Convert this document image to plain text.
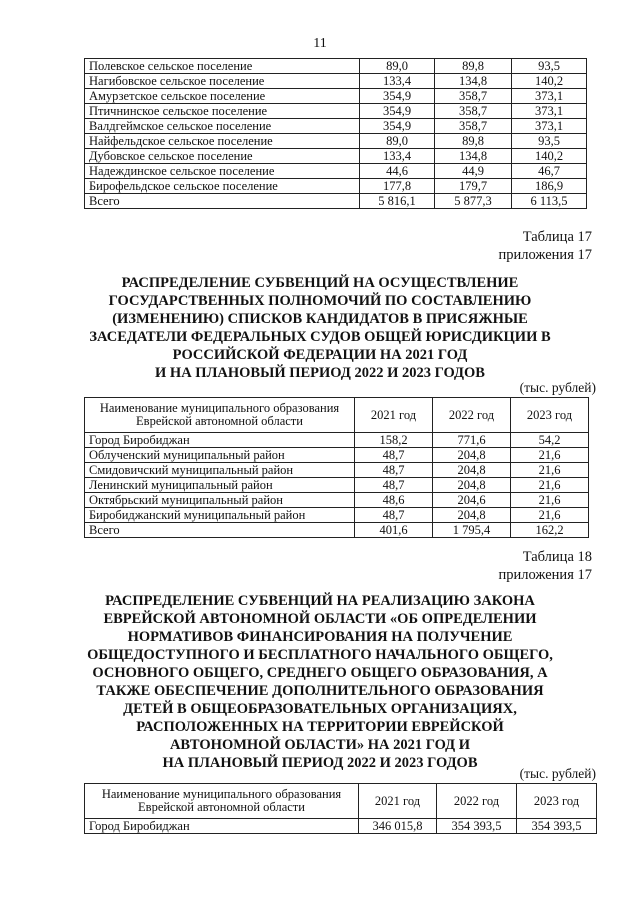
11
Полевское сельское поселение	89,0	89,8	93,5
Нагибовское сельское поселение	133,4	134,8	140,2
Амурзетское сельское поселение	354,9	358,7	373,1
Птичнинское сельское поселение	354,9	358,7	373,1
Валдгеймское сельское поселение	354,9	358,7	373,1
Найфельдское сельское поселение	89,0	89,8	93,5
Дубовское сельское поселение	133,4	134,8	140,2
Надеждинское сельское поселение	44,6	44,9	46,7
Бирофельдское сельское поселение	177,8	179,7	186,9
Всего	5 816,1	5 877,3	6 113,5
Таблица 17
приложения 17
РАСПРЕДЕЛЕНИЕ СУБВЕНЦИЙ НА ОСУЩЕСТВЛЕНИЕ
ГОСУДАРСТВЕННЫХ ПОЛНОМОЧИЙ ПО СОСТАВЛЕНИЮ
(ИЗМЕНЕНИЮ) СПИСКОВ КАНДИДАТОВ В ПРИСЯЖНЫЕ
ЗАСЕДАТЕЛИ ФЕДЕРАЛЬНЫХ СУДОВ ОБЩЕЙ ЮРИСДИКЦИИ В
РОССИЙСКОЙ ФЕДЕРАЦИИ НА 2021 ГОД
И НА ПЛАНОВЫЙ ПЕРИОД 2022 И 2023 ГОДОВ
(тыс. рублей)
Наименование муниципального образования Еврейской автономной области	2021 год	2022 год	2023 год
Город Биробиджан	158,2	771,6	54,2
Облученский муниципальный район	48,7	204,8	21,6
Смидовичский муниципальный район	48,7	204,8	21,6
Ленинский муниципальный район	48,7	204,8	21,6
Октябрьский муниципальный район	48,6	204,6	21,6
Биробиджанский муниципальный район	48,7	204,8	21,6
Всего	401,6	1 795,4	162,2
Таблица 18
приложения 17
РАСПРЕДЕЛЕНИЕ СУБВЕНЦИЙ НА РЕАЛИЗАЦИЮ ЗАКОНА
ЕВРЕЙСКОЙ АВТОНОМНОЙ ОБЛАСТИ «ОБ ОПРЕДЕЛЕНИИ
НОРМАТИВОВ ФИНАНСИРОВАНИЯ НА ПОЛУЧЕНИЕ
ОБЩЕДОСТУПНОГО И БЕСПЛАТНОГО НАЧАЛЬНОГО ОБЩЕГО,
ОСНОВНОГО ОБЩЕГО, СРЕДНЕГО ОБЩЕГО ОБРАЗОВАНИЯ, А
ТАКЖЕ ОБЕСПЕЧЕНИЕ ДОПОЛНИТЕЛЬНОГО ОБРАЗОВАНИЯ
ДЕТЕЙ В ОБЩЕОБРАЗОВАТЕЛЬНЫХ ОРГАНИЗАЦИЯХ,
РАСПОЛОЖЕННЫХ НА ТЕРРИТОРИИ ЕВРЕЙСКОЙ
АВТОНОМНОЙ ОБЛАСТИ» НА 2021 ГОД И
НА ПЛАНОВЫЙ ПЕРИОД 2022 И 2023 ГОДОВ
(тыс. рублей)
Наименование муниципального образования Еврейской автономной области	2021 год	2022 год	2023 год
Город Биробиджан	346 015,8	354 393,5	354 393,5
